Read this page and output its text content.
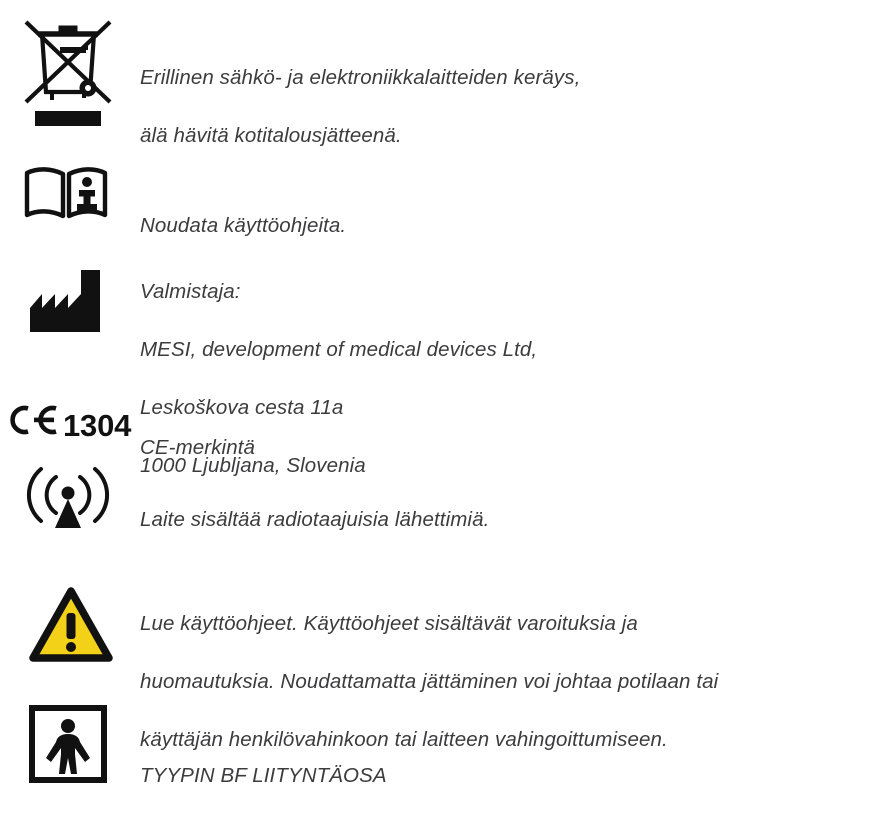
Erillinen sähkö- ja elektroniikkalaitteiden keräys,

älä hävitä kotitalousjätteenä.

Noudata käyttöohjeita.

Valmistaja:

MESI, development of medical devices Ltd,

Leskoškova cesta 11a

1000 Ljubljana, Slovenia

1304

CE-merkintä

Laite sisältää radiotaajuisia lähettimiä.

Lue käyttöohjeet. Käyttöohjeet sisältävät varoituksia ja

huomautuksia. Noudattamatta jättäminen voi johtaa potilaan tai

käyttäjän henkilövahinkoon tai laitteen vahingoittumiseen.

TYYPIN BF LIITYNTÄOSA
